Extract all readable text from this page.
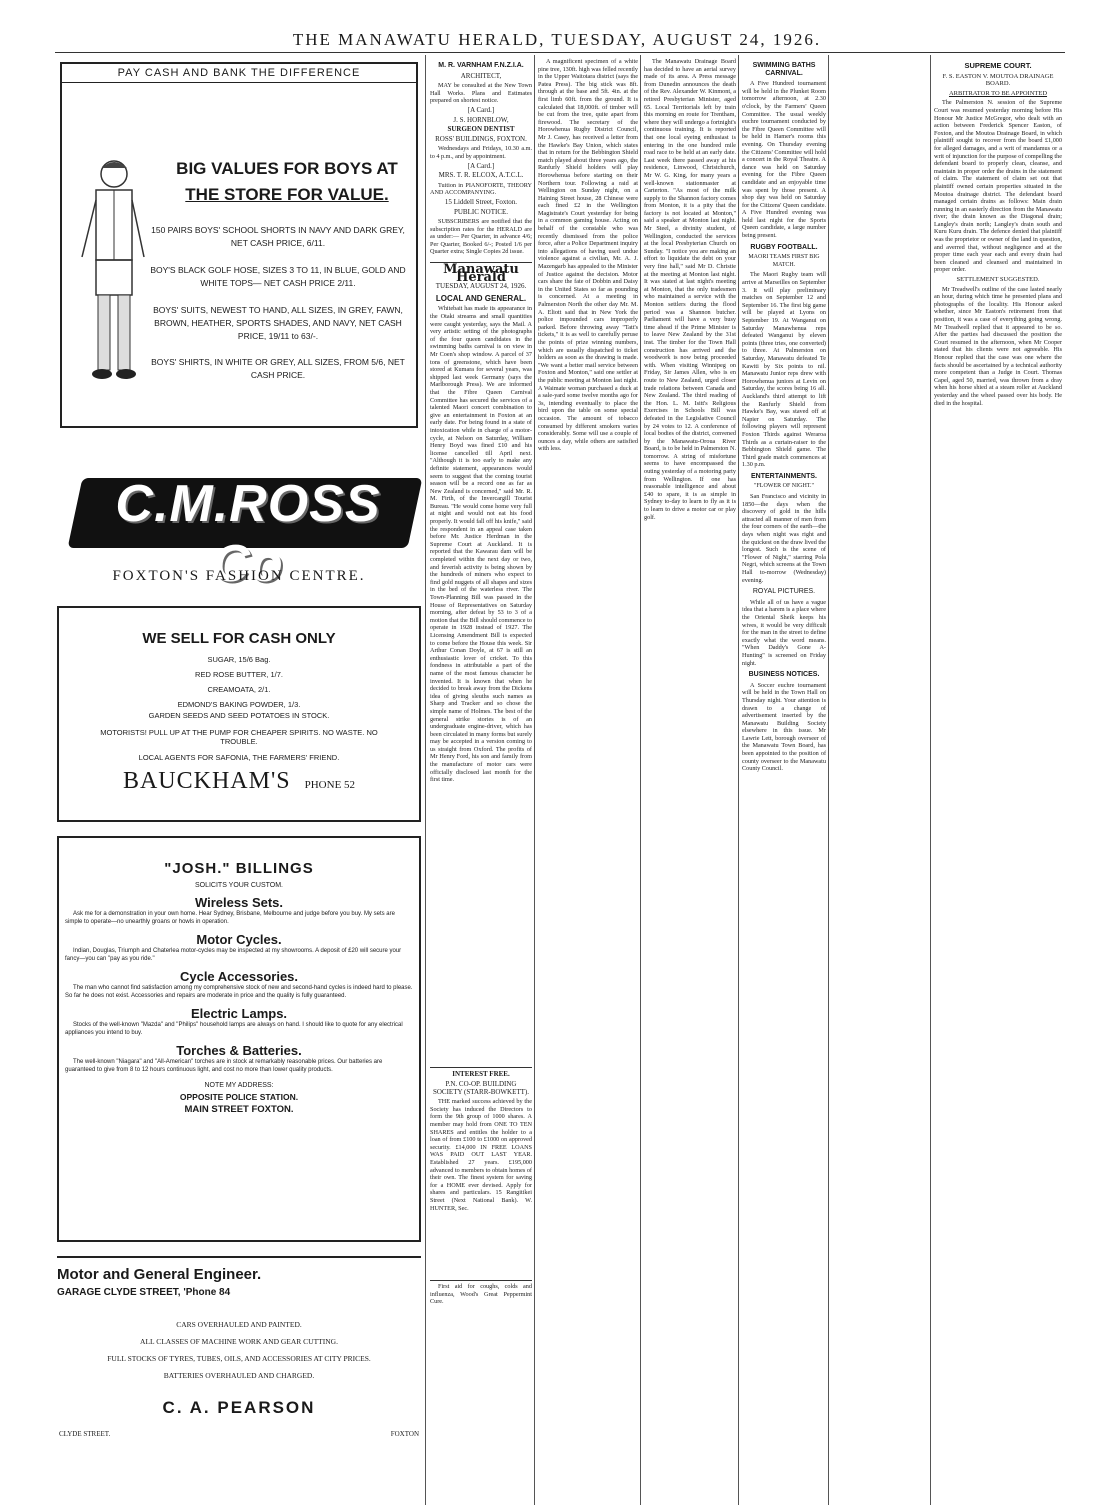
THE MANAWATU HERALD, TUESDAY, AUGUST 24, 1926.
PAY CASH AND BANK THE DIFFERENCE
BIG VALUES FOR BOYS AT
THE STORE FOR VALUE.
150 PAIRS BOYS' SCHOOL SHORTS IN NAVY AND DARK GREY, NET CASH PRICE, 6/11.
BOY'S BLACK GOLF HOSE, SIZES 3 TO 11, IN BLUE, GOLD AND WHITE TOPS— NET CASH PRICE 2/11.
BOYS' SUITS, NEWEST TO HAND, ALL SIZES, IN GREY, FAWN, BROWN, HEATHER, SPORTS SHADES, AND NAVY, NET CASH PRICE, 19/11 to 63/-.
BOYS' SHIRTS, IN WHITE OR GREY, ALL SIZES, FROM 5/6, NET CASH PRICE.
C.M.ROSS Co
FOXTON'S FASHION CENTRE.
WE SELL FOR CASH ONLY
SUGAR, 15/6 Bag.
RED ROSE BUTTER, 1/7.
CREAMOATA, 2/1.
EDMOND'S BAKING POWDER, 1/3.
GARDEN SEEDS AND SEED POTATOES IN STOCK.
MOTORISTS! PULL UP AT THE PUMP FOR CHEAPER SPIRITS. NO WASTE. NO TROUBLE.
LOCAL AGENTS FOR SAFONIA, THE FARMERS' FRIEND.
BAUCKHAM'S PHONE 52
"JOSH." BILLINGS
SOLICITS YOUR CUSTOM.
Wireless Sets.
Ask me for a demonstration in your own home. Hear Sydney, Brisbane, Melbourne and judge before you buy. My sets are simple to operate—no unearthly groans or howls in operation.
Motor Cycles.
Indian, Douglas, Triumph and Chaterlea motor-cycles may be inspected at my showrooms. A deposit of £20 will secure your fancy—you can "pay as you ride."
Cycle Accessories.
The man who cannot find satisfaction among my comprehensive stock of new and second-hand cycles is indeed hard to please. So far he does not exist. Accessories and repairs are moderate in price and the quality is fully guaranteed.
Electric Lamps.
Stocks of the well-known "Mazda" and "Philips" household lamps are always on hand. I should like to quote for any electrical appliances you intend to buy.
Torches & Batteries.
The well-known "Niagara" and "All-American" torches are in stock at remarkably reasonable prices. Our batteries are guaranteed to give from 8 to 12 hours continuous light, and cost no more than lower quality products.
NOTE MY ADDRESS:
OPPOSITE POLICE STATION.
MAIN STREET FOXTON.
Motor and General Engineer.
GARAGE CLYDE STREET, 'Phone 84
CARS OVERHAULED AND PAINTED.
ALL CLASSES OF MACHINE WORK AND GEAR CUTTING.
FULL STOCKS OF TYRES, TUBES, OILS, AND ACCESSORIES AT CITY PRICES.
BATTERIES OVERHAULED AND CHARGED.
C. A. PEARSON
CLYDE STREET.	FOXTON
M. R. VARNHAM F.N.Z.I.A.
ARCHITECT,

MAY be consulted at the New Town Hall Works. Plans and Estimates prepared on shortest notice.

[A Card.]
J. S. HORNBLOW,
SURGEON DENTIST
ROSS' BUILDINGS, FOXTON.

Wednesdays and Fridays, 10.30 a.m. to 4 p.m., and by appointment.

[A Card.]
MRS. T. R. ELCOX, A.T.C.L.

Tuition in PIANOFORTE, THEORY AND ACCOMPANYING.

15 Liddell Street, Foxton.
PUBLIC NOTICE.

SUBSCRIBERS are notified that the subscription rates for the HERALD are as under:— Per Quarter, in advance 4/6; Per Quarter, Booked 6/-; Posted 1/6 per Quarter extra; Single Copies 2d issue.

Manawatu Herald
TUESDAY, AUGUST 24, 1926.
LOCAL AND GENERAL.

Whitebait has made its appearance in the Otaki streams and small quantities were caught yesterday, says the Mail. A very artistic setting of the photographs of the four queen candidates in the swimming baths carnival is on view in Mr Coen's shop window. A parcel of 37 tons of greenstone, which have been stored at Kumara for several years, was shipped last week Germany (says the Marlborough Press). We are informed that the Fibre Queen Carnival Committee has secured the services of a talented Maori concert combination to give an entertainment in Foxton at an early date. For being found in a state of intoxication while in charge of a motor-cycle, at Nelson on Saturday, William Henry Boyd was fined £10 and his license cancelled till April next. "Although it is too early to make any definite statement, appearances would seem to suggest that the coming tourist season will be a record one as far as New Zealand is concerned," said Mr. R. M. Firth, of the Invercargill Tourist Bureau. "He would come home very full at night and would not eat his food properly. It would fall off his knife," said the respondent in an appeal case taken before Mr. Justice Herdman in the Supreme Court at Auckland. It is reported that the Kawarau dam will be completed within the next day or two, and feverish activity is being shown by the hundreds of miners who expect to find gold nuggets of all shapes and sizes in the bed of the waterless river. The Town-Planning Bill was passed in the House of Representatives on Saturday morning, after defeat by 53 to 3 of a motion that the Bill should commence to operate in 1928 instead of 1927. The Licensing Amendment Bill is expected to come before the House this week. Sir Arthur Conan Doyle, at 67 is still an enthusiastic lover of cricket. To this fondness in attributable a part of the name of the most famous character he invented. It is known that when he decided to break away from the Dickens idea of giving sleuths such names as Sharp and Tracker and so chose the simple name of Holmes. The best of the general strike stories is of an undergraduate engine-driver, which has been circulated in many forms but surely may be accepted in a version coming to us straight from Oxford. The profits of Mr Henry Ford, his son and family from the manufacture of motor cars were officially disclosed last month for the first time.

INTEREST FREE.
P.N. CO-OP. BUILDING SOCIETY (STARR-BOWKETT).

THE marked success achieved by the Society has induced the Directors to form the 9th group of 1000 shares. A member may hold from ONE TO TEN SHARES and entitles the holder to a loan of from £100 to £1000 on approved security. £14,000 IN FREE LOANS WAS PAID OUT LAST YEAR. Established 27 years. £195,000 advanced to members to obtain homes of their own. The finest system for saving for a HOME ever devised. Apply for shares and particulars. 15 Rangitikei Street (Next National Bank). W. HUNTER, Sec.

First aid for coughs, colds and influenza, Wood's Great Peppermint Cure.

A magnificent specimen of a white pine tree, 130ft. high was felled recently in the Upper Waitotara district (says the Patea Press). The big stick was 8ft. through at the base and 5ft. 4in. at the first limb 60ft. from the ground. It is calculated that 18,000ft. of timber will be cut from the tree, quite apart from firewood. The secretary of the Horowhenua Rugby District Council, Mr J. Casey, has received a letter from the Hawke's Bay Union, which states that in return for the Bebbington Shield match played about three years ago, the Ranfurly Shield holders will play Horowhenua before starting on their Northern tour. Following a raid at Wellington on Sunday night, on a Haining Street house, 28 Chinese were each fined £2 in the Wellington Magistrate's Court yesterday for being in a common gaming house. Acting on behalf of the constable who was recently dismissed from the police force, after a Police Department inquiry into allegations of having used undue violence against a civilian, Mr. A. J. Mazengarb has appealed to the Minister of Justice against the decision. Motor cars share the fate of Dobbin and Daisy in the United States so far as pounding is concerned. At a meeting in Palmerston North the other day Mr. M. A. Eliott said that in New York the police impounded cars improperly parked. Before throwing away "Tatt's tickets," it is as well to carefully peruse the points of prize winning numbers, which are usually dispatched to ticket holders as soon as the drawing is made. "We want a better mail service between Foxton and Monton," said one settler at the public meeting at Monton last night. A Waimate woman purchased a duck at a sale-yard some twelve months ago for 3s, intending eventually to place the bird upon the table on some special occasion. The amount of tobacco consumed by different smokers varies considerably. Some will use a couple of ounces a day, while others are satisfied with less.

The Manawatu Drainage Board has decided to have an aerial survey made of its area. A Press message from Dunedin announces the death of the Rev. Alexander W. Kinmont, a retired Presbyterian Minister, aged 65. Local Territorials left by train this morning en route for Trentham, where they will undergo a fortnight's continuous training. It is reported that one local eyeing enthusiast is entering in the one hundred mile road race to be held at an early date. Last week there passed away at his residence, Linwood, Christchurch, Mr W. G. King, for many years a well-known stationmaster at Carterton. "As most of the milk supply to the Shannon factory comes from Monton, it is a pity that the factory is not located at Monton," said a speaker at Monton last night. Mr Steel, a divinity student, of Wellington, conducted the services at the local Presbyterian Church on Sunday. "I notice you are making an effort to liquidate the debt on your very fine hall," said Mr D. Christie at the meeting at Monton last night. It was stated at last night's meeting at Monton, that the only tradesmen who maintained a service with the Monton settlers during the flood period was a Shannon butcher. Parliament will have a very busy time ahead if the Prime Minister is to leave New Zealand by the 31st inst. The timber for the Town Hall construction has arrived and the woodwork is now being proceeded with. When visiting Winnipeg on Friday, Sir James Allen, who is en route to New Zealand, urged closer trade relations between Canada and New Zealand. The third reading of the Hon. L. M. Isitt's Religious Exercises in Schools Bill was defeated in the Legislative Council by 24 votes to 12. A conference of local bodies of the district, convened by the Manawatu-Oroua River Board, is to be held in Palmerston N. tomorrow. A string of misfortune seems to have encompassed the outing yesterday of a motoring party from Wellington. If one has reasonable intelligence and about £40 to spare, it is as simple in Sydney to-day to learn to fly as it is to learn to drive a motor car or play golf.

SWIMMING BATHS CARNIVAL.

A Five Hundred tournament will be held in the Plunket Room tomorrow afternoon, at 2.30 o'clock, by the Farmers' Queen Committee. The usual weekly euchre tournament conducted by the Fibre Queen Committee will be held in Hamer's rooms this evening. On Thursday evening the Citizens' Committee will hold a concert in the Royal Theatre. A dance was held on Saturday evening for the Fibre Queen candidate and an enjoyable time was spent by those present. A shop day was held on Saturday for the Citizens' Queen candidate. A Five Hundred evening was held last night for the Sports Queen candidate, a large number being present.

RUGBY FOOTBALL.
MAORI TEAMS FIRST BIG MATCH.

The Maori Rugby team will arrive at Marseilles on September 3. It will play preliminary matches on September 12 and September 16. The first big game will be played at Lyons on September 19. At Wanganui on Saturday Manawhenua reps defeated Wanganui by eleven points (three tries, one converted) to three. At Palmerston on Saturday, Manawatu defeated Te Kawiti by Six points to nil. Manawatu Junior reps drew with Horowhenua juniors at Levin on Saturday, the scores being 16 all. Auckland's third attempt to lift the Ranfurly Shield from Hawke's Bay, was staved off at Napier on Saturday. The following players will represent Foxton Thirds against Weraroa Thirds as a curtain-raiser to the Bebbington Shield game. The Third grade match commences at 1.30 p.m.

ENTERTAINMENTS.
"FLOWER OF NIGHT."

San Francisco and vicinity in 1850—the days when the discovery of gold in the hills attracted all manner of men from the four corners of the earth—the days when night was right and the quickest on the draw lived the longest. Such is the scene of "Flower of Night," starring Pola Negri, which screens at the Town Hall to-morrow (Wednesday) evening.

ROYAL PICTURES.

While all of us have a vague idea that a harem is a place where the Oriental Sheik keeps his wives, it would be very difficult for the man in the street to define exactly what the word means. "When Daddy's Gone A-Hunting" is screened on Friday night.

BUSINESS NOTICES.

A Soccer euchre tournament will be held in the Town Hall on Thursday night. Your attention is drawn to a change of advertisement inserted by the Manawatu Building Society elsewhere in this issue. Mr Lawrie Lett, borough overseer of the Manawatu Town Board, has been appointed to the position of county overseer to the Manawatu County Council.

SUPREME COURT.
F. S. EASTON V. MOUTOA DRAINAGE BOARD.
ARBITRATOR TO BE APPOINTED

The Palmerston N. session of the Supreme Court was resumed yesterday morning before His Honour Mr Justice McGregor, who dealt with an action between Frederick Spencer Easton, of Foxton, and the Moutoa Drainage Board, in which plaintiff sought to recover from the board £1,000 for alleged damages, and a writ of mandamus or a writ of injunction for the purpose of compelling the defendant board to properly clean, cleanse, and maintain in proper order the drains in the statement of claim. The statement of claim set out that plaintiff owned certain properties situated in the Moutoa drainage district. The defendant board managed certain drains as follows: Main drain running in an easterly direction from the Manawatu river; the drain known as the Diagonal drain; Langley's drain north; Langley's drain south and Kuru Kuru drain. The defence denied that plaintiff was the proprietor or owner of the land in question, and averred that, without negligence and at the proper time each year each and every drain had been cleaned and cleansed and maintained in proper order.

SETTLEMENT SUGGESTED.

Mr Treadwell's outline of the case lasted nearly an hour, during which time he presented plans and photographs of the locality. His Honour asked whether, since Mr Easton's retirement from that position, it was a case of everything going wrong. Mr Treadwell replied that it appeared to be so. After the parties had discussed the position the Court resumed in the afternoon, when Mr Cooper stated that his clients were not agreeable. His Honour replied that the case was one where the facts should be ascertained by a technical authority more competent than a Judge in Court. Thomas Capel, aged 50, married, was thrown from a dray when his horse shied at a steam roller at Auckland yesterday and the wheel passed over his body. He died in the hospital.
